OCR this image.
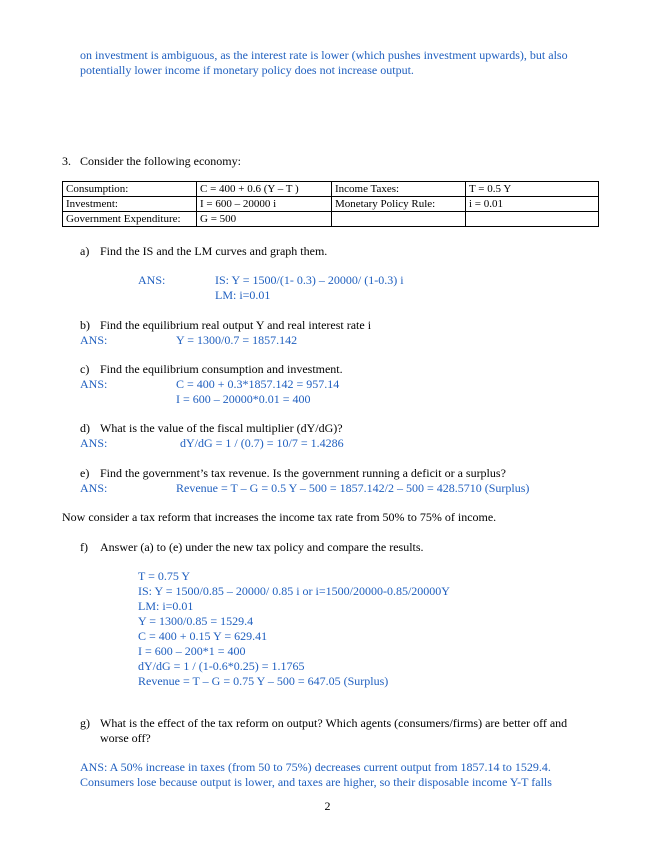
on investment is ambiguous, as the interest rate is lower (which pushes investment upwards), but also
potentially lower income if monetary policy does not increase output.
3. Consider the following economy:
Consumption:	C = 400 + 0.6 (Y – T )	Income Taxes:	T = 0.5 Y
Investment:	I = 600 – 20000 i	Monetary Policy Rule:	i = 0.01
Government Expenditure:	G = 500		
a) Find the IS and the LM curves and graph them.
ANS:	IS: Y = 1500/(1- 0.3) – 20000/ (1-0.3) i
LM: i=0.01
b) Find the equilibrium real output Y and real interest rate i
ANS:	Y = 1300/0.7 = 1857.142
c) Find the equilibrium consumption and investment.
ANS:	C = 400 + 0.3*1857.142 = 957.14
I = 600 – 20000*0.01 = 400
d) What is the value of the fiscal multiplier (dY/dG)?
ANS:	dY/dG = 1 / (0.7) = 10/7 = 1.4286
e) Find the government’s tax revenue. Is the government running a deficit or a surplus?
ANS:	Revenue = T – G = 0.5 Y – 500 = 1857.142/2 – 500 = 428.5710 (Surplus)
Now consider a tax reform that increases the income tax rate from 50% to 75% of income.
f) Answer (a) to (e) under the new tax policy and compare the results.
T = 0.75 Y
IS: Y = 1500/0.85 – 20000/ 0.85 i or i=1500/20000-0.85/20000Y
LM: i=0.01
Y = 1300/0.85 = 1529.4
C = 400 + 0.15 Y = 629.41
I = 600 – 200*1 = 400
dY/dG = 1 / (1-0.6*0.25) = 1.1765
Revenue = T – G = 0.75 Y – 500 = 647.05 (Surplus)
g) What is the effect of the tax reform on output? Which agents (consumers/firms) are better off and
worse off?
ANS: A 50% increase in taxes (from 50 to 75%) decreases current output from 1857.14 to 1529.4.
Consumers lose because output is lower, and taxes are higher, so their disposable income Y-T falls
2
